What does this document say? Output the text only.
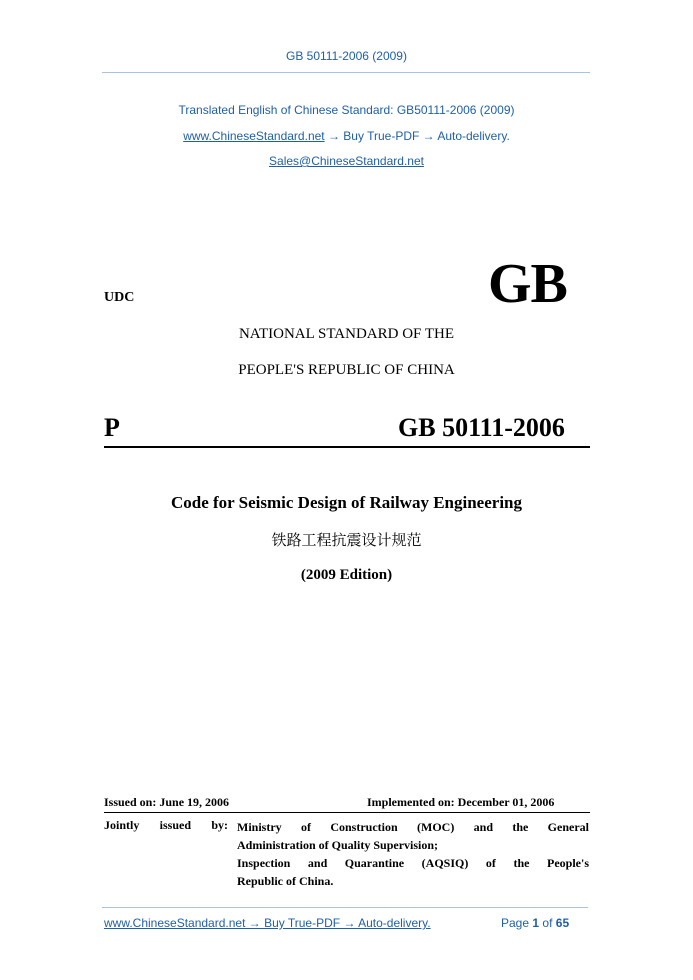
GB 50111-2006 (2009)
Translated English of Chinese Standard: GB50111-2006 (2009)
www.ChineseStandard.net → Buy True-PDF → Auto-delivery.
Sales@ChineseStandard.net
UDC	GB
NATIONAL STANDARD OF THE
PEOPLE'S REPUBLIC OF CHINA
P	GB 50111-2006
Code for Seismic Design of Railway Engineering
铁路工程抗震设计规范
(2009 Edition)
Issued on: June 19, 2006	Implemented on: December 01, 2006
Jointly issued by: Ministry of Construction (MOC) and the General
Administration of Quality Supervision;
Inspection and Quarantine (AQSIQ) of the People's
Republic of China.
www.ChineseStandard.net → Buy True-PDF → Auto-delivery.	Page 1 of 65
